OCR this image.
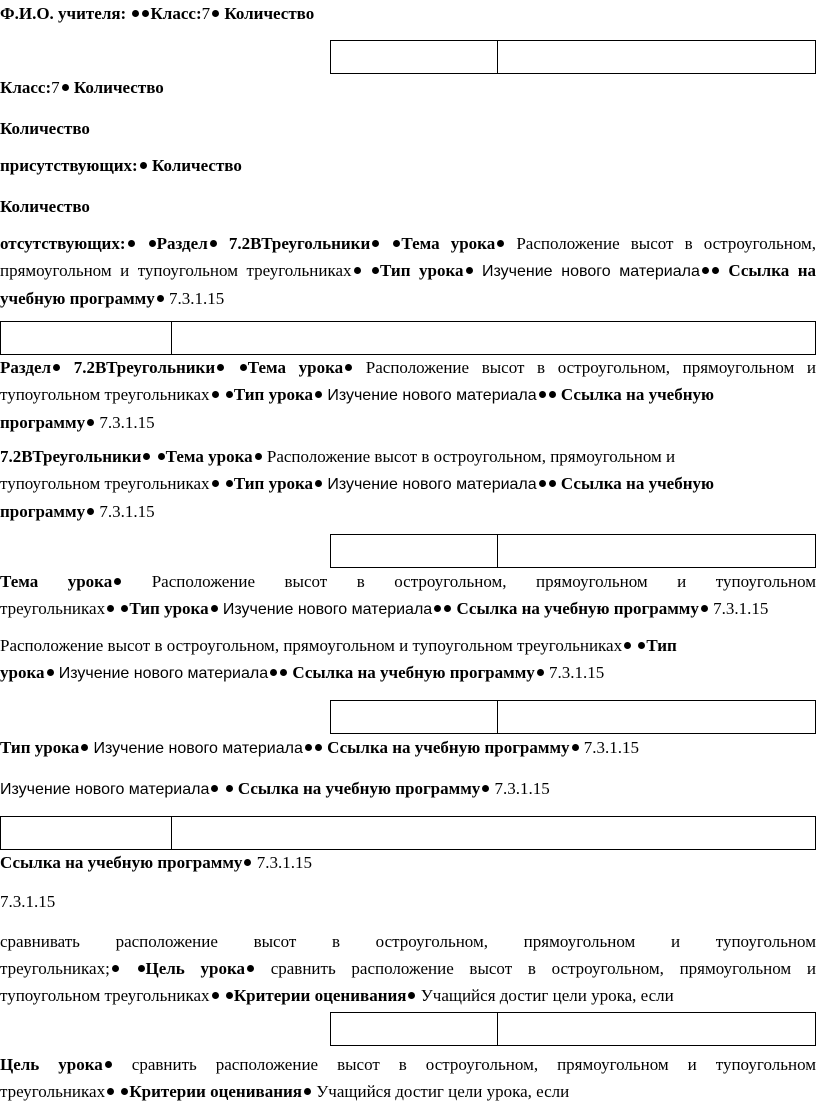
Ф.И.О. учителя: Класс:7 Количество
Класс:7 Количество
Количество
присутствующих: Количество
Количество
отсутствующих: Раздел 7.2ВТреугольники Тема урока Расположение высот в остроугольном,
прямоугольном и тупоугольном треугольниках Тип урока Изучение нового материала Ссылка на
учебную программу 7.3.1.15
Раздел 7.2ВТреугольники Тема урока Расположение высот в остроугольном, прямоугольном и
тупоугольном треугольниках Тип урока Изучение нового материала Ссылка на учебную
программу 7.3.1.15
7.2ВТреугольники Тема урока Расположение высот в остроугольном, прямоугольном и
тупоугольном треугольниках Тип урока Изучение нового материала Ссылка на учебную
программу 7.3.1.15
Тема урока Расположение высот в остроугольном, прямоугольном и тупоугольном
треугольниках Тип урока Изучение нового материала Ссылка на учебную программу 7.3.1.15
Расположение высот в остроугольном, прямоугольном и тупоугольном треугольниках Тип
урока Изучение нового материала Ссылка на учебную программу 7.3.1.15
Тип урока Изучение нового материала Ссылка на учебную программу 7.3.1.15
Изучение нового материала Ссылка на учебную программу 7.3.1.15
Ссылка на учебную программу 7.3.1.15
7.3.1.15
сравнивать расположение высот в остроугольном, прямоугольном и тупоугольном
треугольниках; Цель урока сравнить расположение высот в остроугольном, прямоугольном и
тупоугольном треугольниках Критерии оценивания Учащийся достиг цели урока, если
Цель урока сравнить расположение высот в остроугольном, прямоугольном и тупоугольном
треугольниках Критерии оценивания Учащийся достиг цели урока, если
